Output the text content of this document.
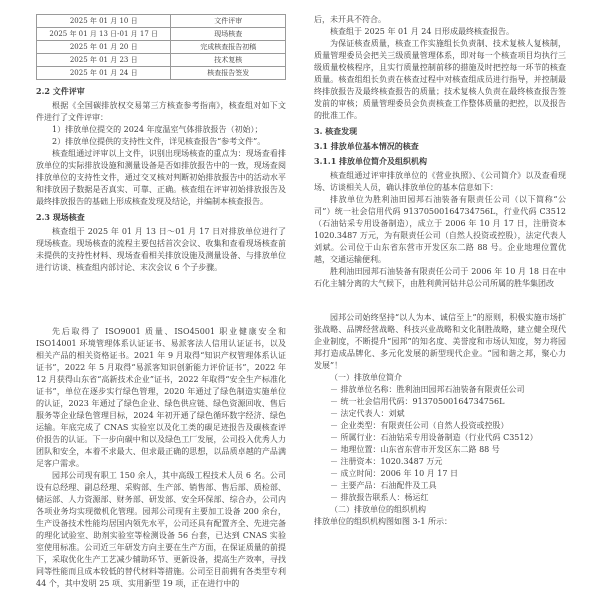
2025 年 01 月 10 日	文件评审
2025 年 01 月 13 日-01 月 17 日	现场核查
2025 年 01 月 20 日	完成核查报告初稿
2025 年 01 月 23 日	技术复核
2025 年 01 月 24 日	核查报告签发
2.2 文件评审

根据《全国碳排放权交易第三方核查参考指南》，核查组对如下文件进行了文件评审：

1）排放单位提交的 2024 年度温室气体排放报告（初始）；

2）排放单位提供的支持性文件，详见核查报告“参考文件”。

核查组通过评审以上文件，识别出现场核查的重点为：现场查看排放单位的实际排放设施和测量设备是否如排放报告中的一致，现场查阅排放单位的支持性文件，通过交叉核对判断初始排放报告中的活动水平和排放因子数据是否真实、可靠、正确。核查组在评审初始排放报告及最终排放报告的基础上形成核查发现及结论，并编制本核查报告。

2.3 现场核查

核查组于 2025 年 01 月 13 日～01 月 17 日对排放单位进行了现场核查。现场核查的流程主要包括首次会议、收集和查看现场核查前未提供的支持性材料、现场查看相关排放设施及测量设备、与排放单位进行访谈、核查组内部讨论、末次会议 6 个子步骤。

先后取得了 ISO9001 质量、ISO45001 职业健康安全和 ISO14001 环境管理体系认证证书、易派客法人信用认证证书，以及相关产品的相关资格证书。2021 年 9 月取得“知识产权管理体系认证证书”，2022 年 5 月取得“易派客知识创新能力评价证书”，2022 年 12 月获得山东省“高新技术企业”证书，2022 年取得“安全生产标准化证书”，单位在逐步实行绿色管理，2020 年通过了绿色制造实施单位的认证，2023 年通过了绿色企业、绿色供应链、绿色资源回收、售后服务等企业绿色管理目标，2024 年初开通了绿色循环数字经济、绿色运输。年底完成了 CNAS 实验室以及化工类的碳足迹报告及碳核查评价报告的认证。下一步向碳中和以及绿色工厂发展，公司投入优秀人力团队和安全，本着不求最大、但求最正确的思想，以品质卓越的产品满足客户需求。

园邦公司现有职工 150 余人，其中高级工程技术人员 6 名。公司设有总经理、副总经理、采购部、生产部、销售部、售后部、质检部、储运部、人力资源部、财务部、研发部、安全环保部、综合办，公司内各项业务均实现微机化管理。园邦公司现有主要加工设备 200 余台，生产设备技术性能均居国内领先水平，公司还具有配置齐全、先进完备的理化试验室、助剂实验室等检测设备 56 台套，已达到 CNAS 实验室使用标准。公司近三年研发方向主要在生产方面，在保证质量的前提下，采取优化生产工艺减少辅助环节、更新设备，提高生产效率，寻找同等性能而且成本较低的替代材料等措施。公司至目前拥有各类型专利 44 个，其中发明 25 项、实用新型 19 项，正在进行中的

后，未开具不符合。

核查组于 2025 年 01 月 24 日形成最终核查报告。

为保证核查质量，核查工作实施组长负责制、技术复核人复核制，质量管理委员会把关三级质量管理体系，即对每一个核查项目均执行三级质量校核程序，且实行质量控制前移的措施及时把控每一环节的核查质量。核查组组长负责在核查过程中对核查组成员进行指导，并控制最终排放报告及最终核查报告的质量；技术复核人负责在最终核查报告签发前的审核；质量管理委员会负责核查工作整体质量的把控，以及报告的批准工作。

3. 核查发现
3.1 排放单位基本情况的核查
3.1.1 排放单位简介及组织机构

核查组通过评审排放单位的《营业执照》、《公司简介》以及查看现场、访谈相关人员，确认排放单位的基本信息如下：

排放单位为胜利油田园邦石油装备有限责任公司（以下简称“公司”）统一社会信用代码 91370500164734756L，行业代码 C3512（石油钻采专用设备制造），成立于 2006 年 10 月 17 日，注册资本 1020.3487 万元，为有限责任公司（自然人投资或控股），法定代表人刘斌。公司位于山东省东营市开发区东二路 88 号。企业地理位置优越，交通运输便利。

胜利油田园邦石油装备有限责任公司于 2006 年 10 月 18 日在中石化主辅分离的大气候下，由胜利黄河钻井总公司所属的胜华集团改

园邦公司始终坚持“以人为本、诚信至上”的原则，积极实施市场扩张战略、品牌经营战略、科技兴业战略和文化制胜战略，建立健全现代企业制度，不断提升“园邦”的知名度、美誉度和市场认知度，努力将园邦打造成品牌化、多元化发展的新型现代企业。“园和谐之邦，聚心力发展”！

（一）排放单位简介

－ 排放单位名称：胜利油田园邦石油装备有限责任公司

－ 统一社会信用代码：91370500164734756L

－ 法定代表人：刘斌

－ 企业类型：有限责任公司（自然人投资或控股）

－ 所属行业：石油钻采专用设备制造（行业代码 C3512）

－ 地理位置：山东省东营市开发区东二路 88 号

－ 注册资本：1020.3487 万元

－ 成立时间：2006 年 10 月 17 日

－ 主要产品：石油配件及工具

－ 排放报告联系人：杨运红

（二）排放单位的组织机构

排放单位的组织机构图如图 3-1 所示：
